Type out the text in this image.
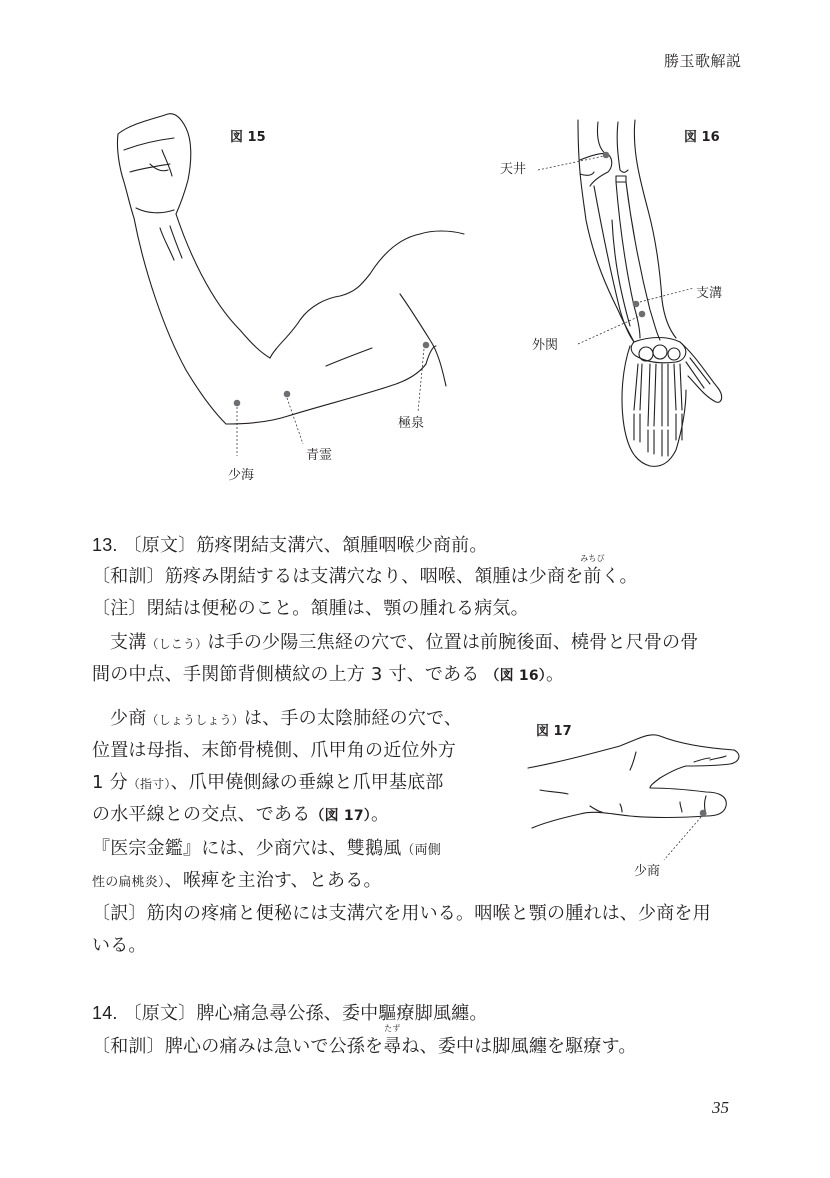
勝玉歌解説
図 15
少海
青霊
極泉
図 16
天井
支溝
外関
13. 〔原文〕筋疼閉結支溝穴、頷腫咽喉少商前。
〔和訓〕筋疼み閉結するは支溝穴なり、咽喉、頷腫は少商を
みちび
前く。
〔注〕閉結は便秘のこと。頷腫は、顎の腫れる病気。
支溝（しこう）は手の少陽三焦経の穴で、位置は前腕後面、橈骨と尺骨の骨
間の中点、手関節背側横紋の上方 3 寸、である （図 16）。
少商（しょうしょう）は、手の太陰肺経の穴で、
位置は母指、末節骨橈側、爪甲角の近位外方
1 分（指寸）、爪甲僥側縁の垂線と爪甲基底部
の水平線との交点、である（図 17）。
『医宗金鑑』には、少商穴は、雙鵝風（両側
性の扁桃炎）、喉痺を主治す、とある。
〔訳〕筋肉の疼痛と便秘には支溝穴を用いる。咽喉と顎の腫れは、少商を用
いる。
図 17
少商
14. 〔原文〕脾心痛急尋公孫、委中驅療脚風纏。
〔和訓〕脾心の痛みは急いで公孫を
たず
尋ね、委中は脚風纏を駆療す。
35
